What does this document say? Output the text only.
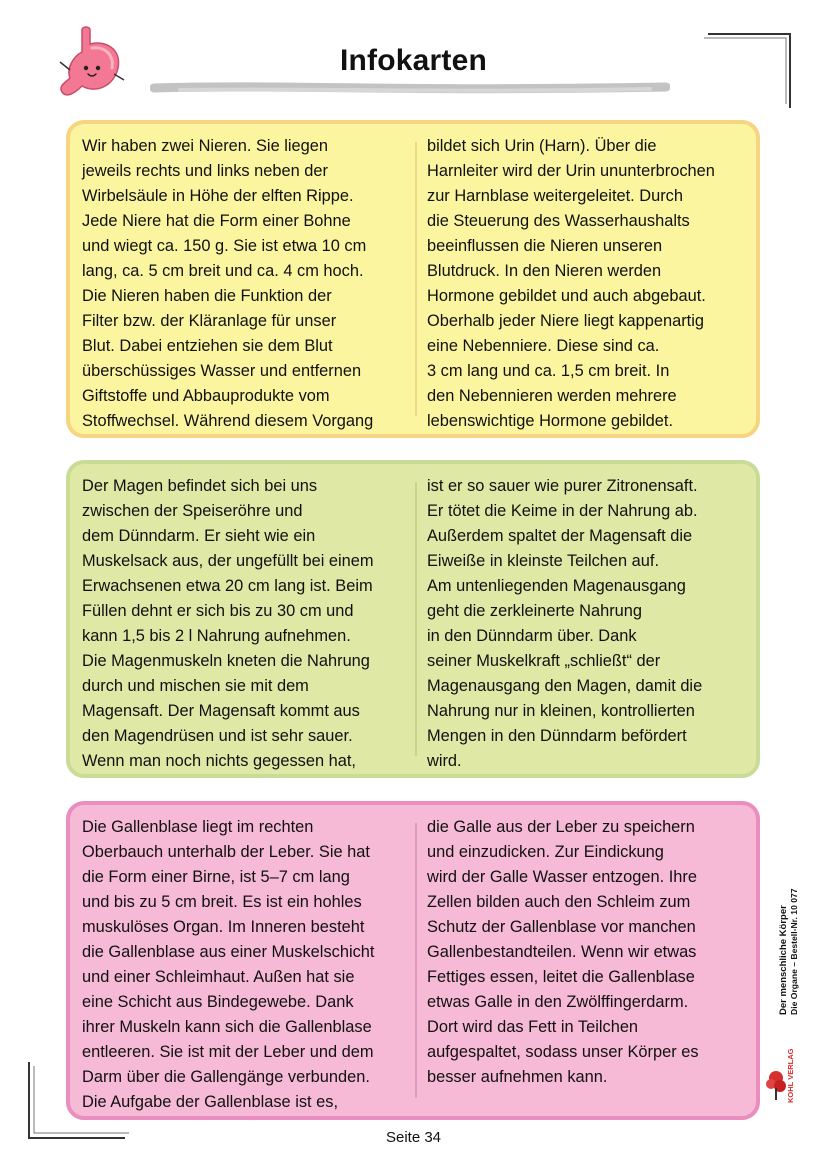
Infokarten
Wir haben zwei Nieren. Sie liegen
jeweils rechts und links neben der
Wirbelsäule in Höhe der elften Rippe.
Jede Niere hat die Form einer Bohne
und wiegt ca. 150 g. Sie ist etwa 10 cm
lang, ca. 5 cm breit und ca. 4 cm hoch.
Die Nieren haben die Funktion der
Filter bzw. der Kläranlage für unser
Blut. Dabei entziehen sie dem Blut
überschüssiges Wasser und entfernen
Giftstoffe und Abbauprodukte vom
Stoffwechsel. Während diesem Vorgang
bildet sich Urin (Harn). Über die
Harnleiter wird der Urin ununterbrochen
zur Harnblase weitergeleitet. Durch
die Steuerung des Wasserhaushalts
beeinflussen die Nieren unseren
Blutdruck. In den Nieren werden
Hormone gebildet und auch abgebaut.
Oberhalb jeder Niere liegt kappenartig
eine Nebenniere. Diese sind ca.
3 cm lang und ca. 1,5 cm breit. In
den Nebennieren werden mehrere
lebenswichtige Hormone gebildet.
Der Magen befindet sich bei uns
zwischen der Speiseröhre und
dem Dünndarm. Er sieht wie ein
Muskelsack aus, der ungefüllt bei einem
Erwachsenen etwa 20 cm lang ist. Beim
Füllen dehnt er sich bis zu 30 cm und
kann 1,5 bis 2 l Nahrung aufnehmen.
Die Magenmuskeln kneten die Nahrung
durch und mischen sie mit dem
Magensaft. Der Magensaft kommt aus
den Magendrüsen und ist sehr sauer.
Wenn man noch nichts gegessen hat,
ist er so sauer wie purer Zitronensaft.
Er tötet die Keime in der Nahrung ab.
Außerdem spaltet der Magensaft die
Eiweiße in kleinste Teilchen auf.
Am untenliegenden Magenausgang
geht die zerkleinerte Nahrung
in den Dünndarm über. Dank
seiner Muskelkraft „schließt“ der
Magenausgang den Magen, damit die
Nahrung nur in kleinen, kontrollierten
Mengen in den Dünndarm befördert
wird.
Die Gallenblase liegt im rechten
Oberbauch unterhalb der Leber. Sie hat
die Form einer Birne, ist 5–7 cm lang
und bis zu 5 cm breit. Es ist ein hohles
muskulöses Organ. Im Inneren besteht
die Gallenblase aus einer Muskelschicht
und einer Schleimhaut. Außen hat sie
eine Schicht aus Bindegewebe. Dank
ihrer Muskeln kann sich die Gallenblase
entleeren. Sie ist mit der Leber und dem
Darm über die Gallengänge verbunden.
Die Aufgabe der Gallenblase ist es,
die Galle aus der Leber zu speichern
und einzudicken. Zur Eindickung
wird der Galle Wasser entzogen. Ihre
Zellen bilden auch den Schleim zum
Schutz der Gallenblase vor manchen
Gallenbestandteilen. Wenn wir etwas
Fettiges essen, leitet die Gallenblase
etwas Galle in den Zwölffingerdarm.
Dort wird das Fett in Teilchen
aufgespaltet, sodass unser Körper es
besser aufnehmen kann.
Der menschliche Körper Die Organe – Bestell-Nr. 10 077
KOHL VERLAG
Seite 34
